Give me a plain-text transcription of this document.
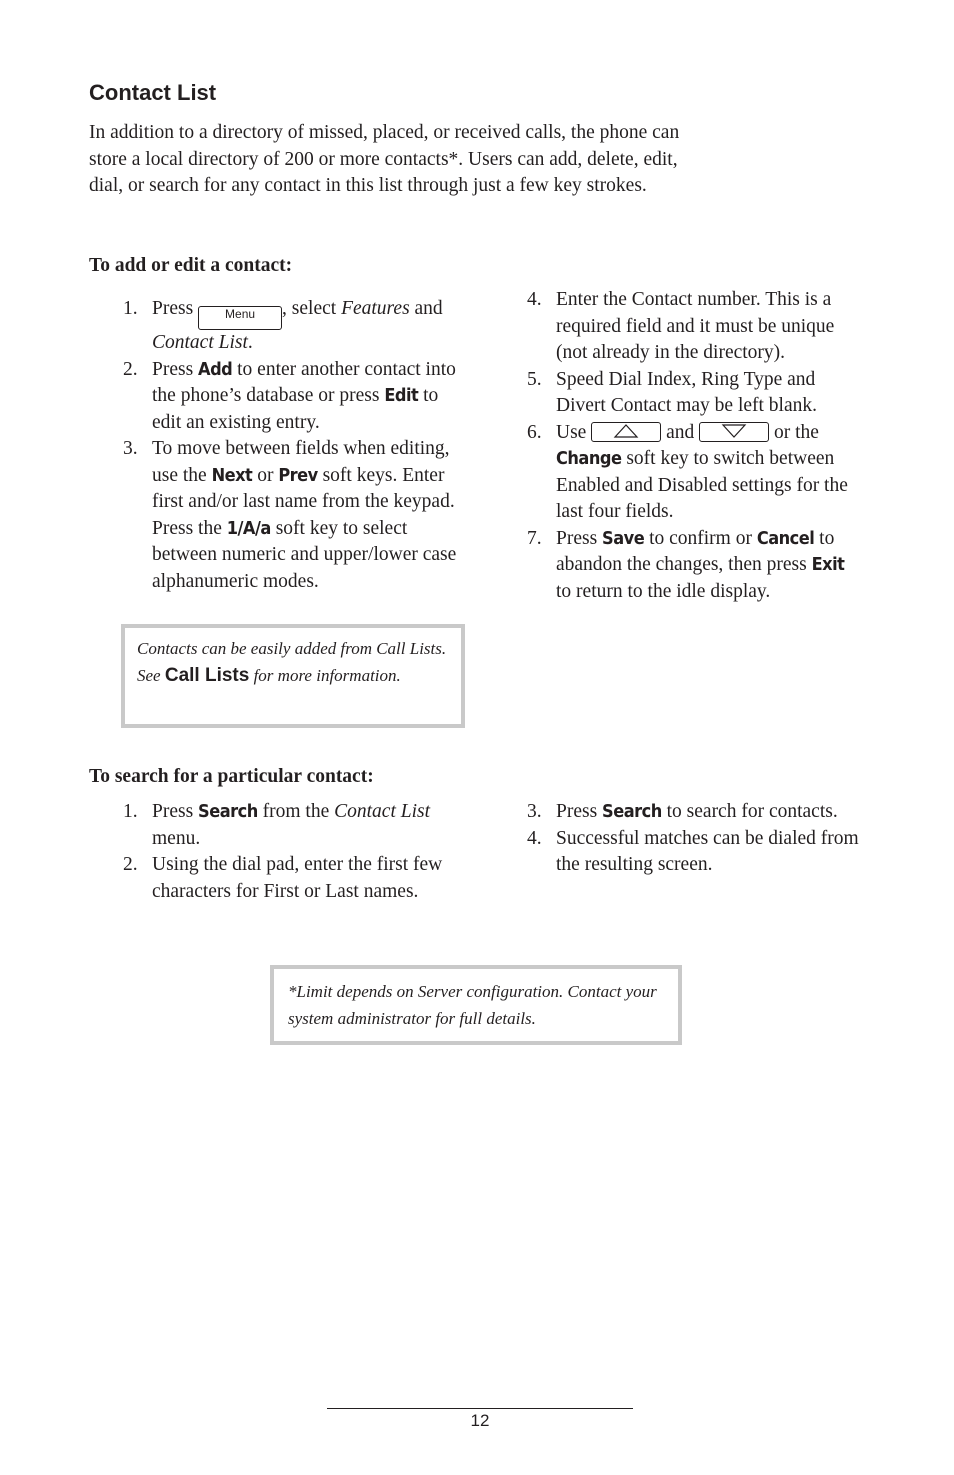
Contact List
In addition to a directory of missed, placed, or received calls, the phone can store a local directory of 200 or more contacts*. Users can add, delete, edit, dial, or search for any contact in this list through just a few key strokes.
To add or edit a contact:
1. Press	Menu , select Features and Contact List.
2. Press Add to enter another contact into the phone’s database or press Edit to edit an existing entry.
3. To move between fields when editing, use the Next or Prev soft keys. Enter first and/or last name from the keypad. Press the 1/A/a soft key to select between numeric and upper/lower case alphanumeric modes.
Contacts can be easily added from Call Lists. See Call Lists for more information.
4. Enter the Contact number. This is a required field and it must be unique (not already in the directory).
5. Speed Dial Index, Ring Type and Divert Contact may be left blank.
6. Use	and	or the Change soft key to switch between Enabled and Disabled settings for the last four fields.
7. Press Save to confirm or Cancel to abandon the changes, then press Exit to return to the idle display.
To search for a particular contact:
1. Press Search from the Contact List menu.
2. Using the dial pad, enter the first few characters for First or Last names.
3. Press Search to search for contacts.
4. Successful matches can be dialed from the resulting screen.
*Limit depends on Server configuration. Contact your system administrator for full details.
12
